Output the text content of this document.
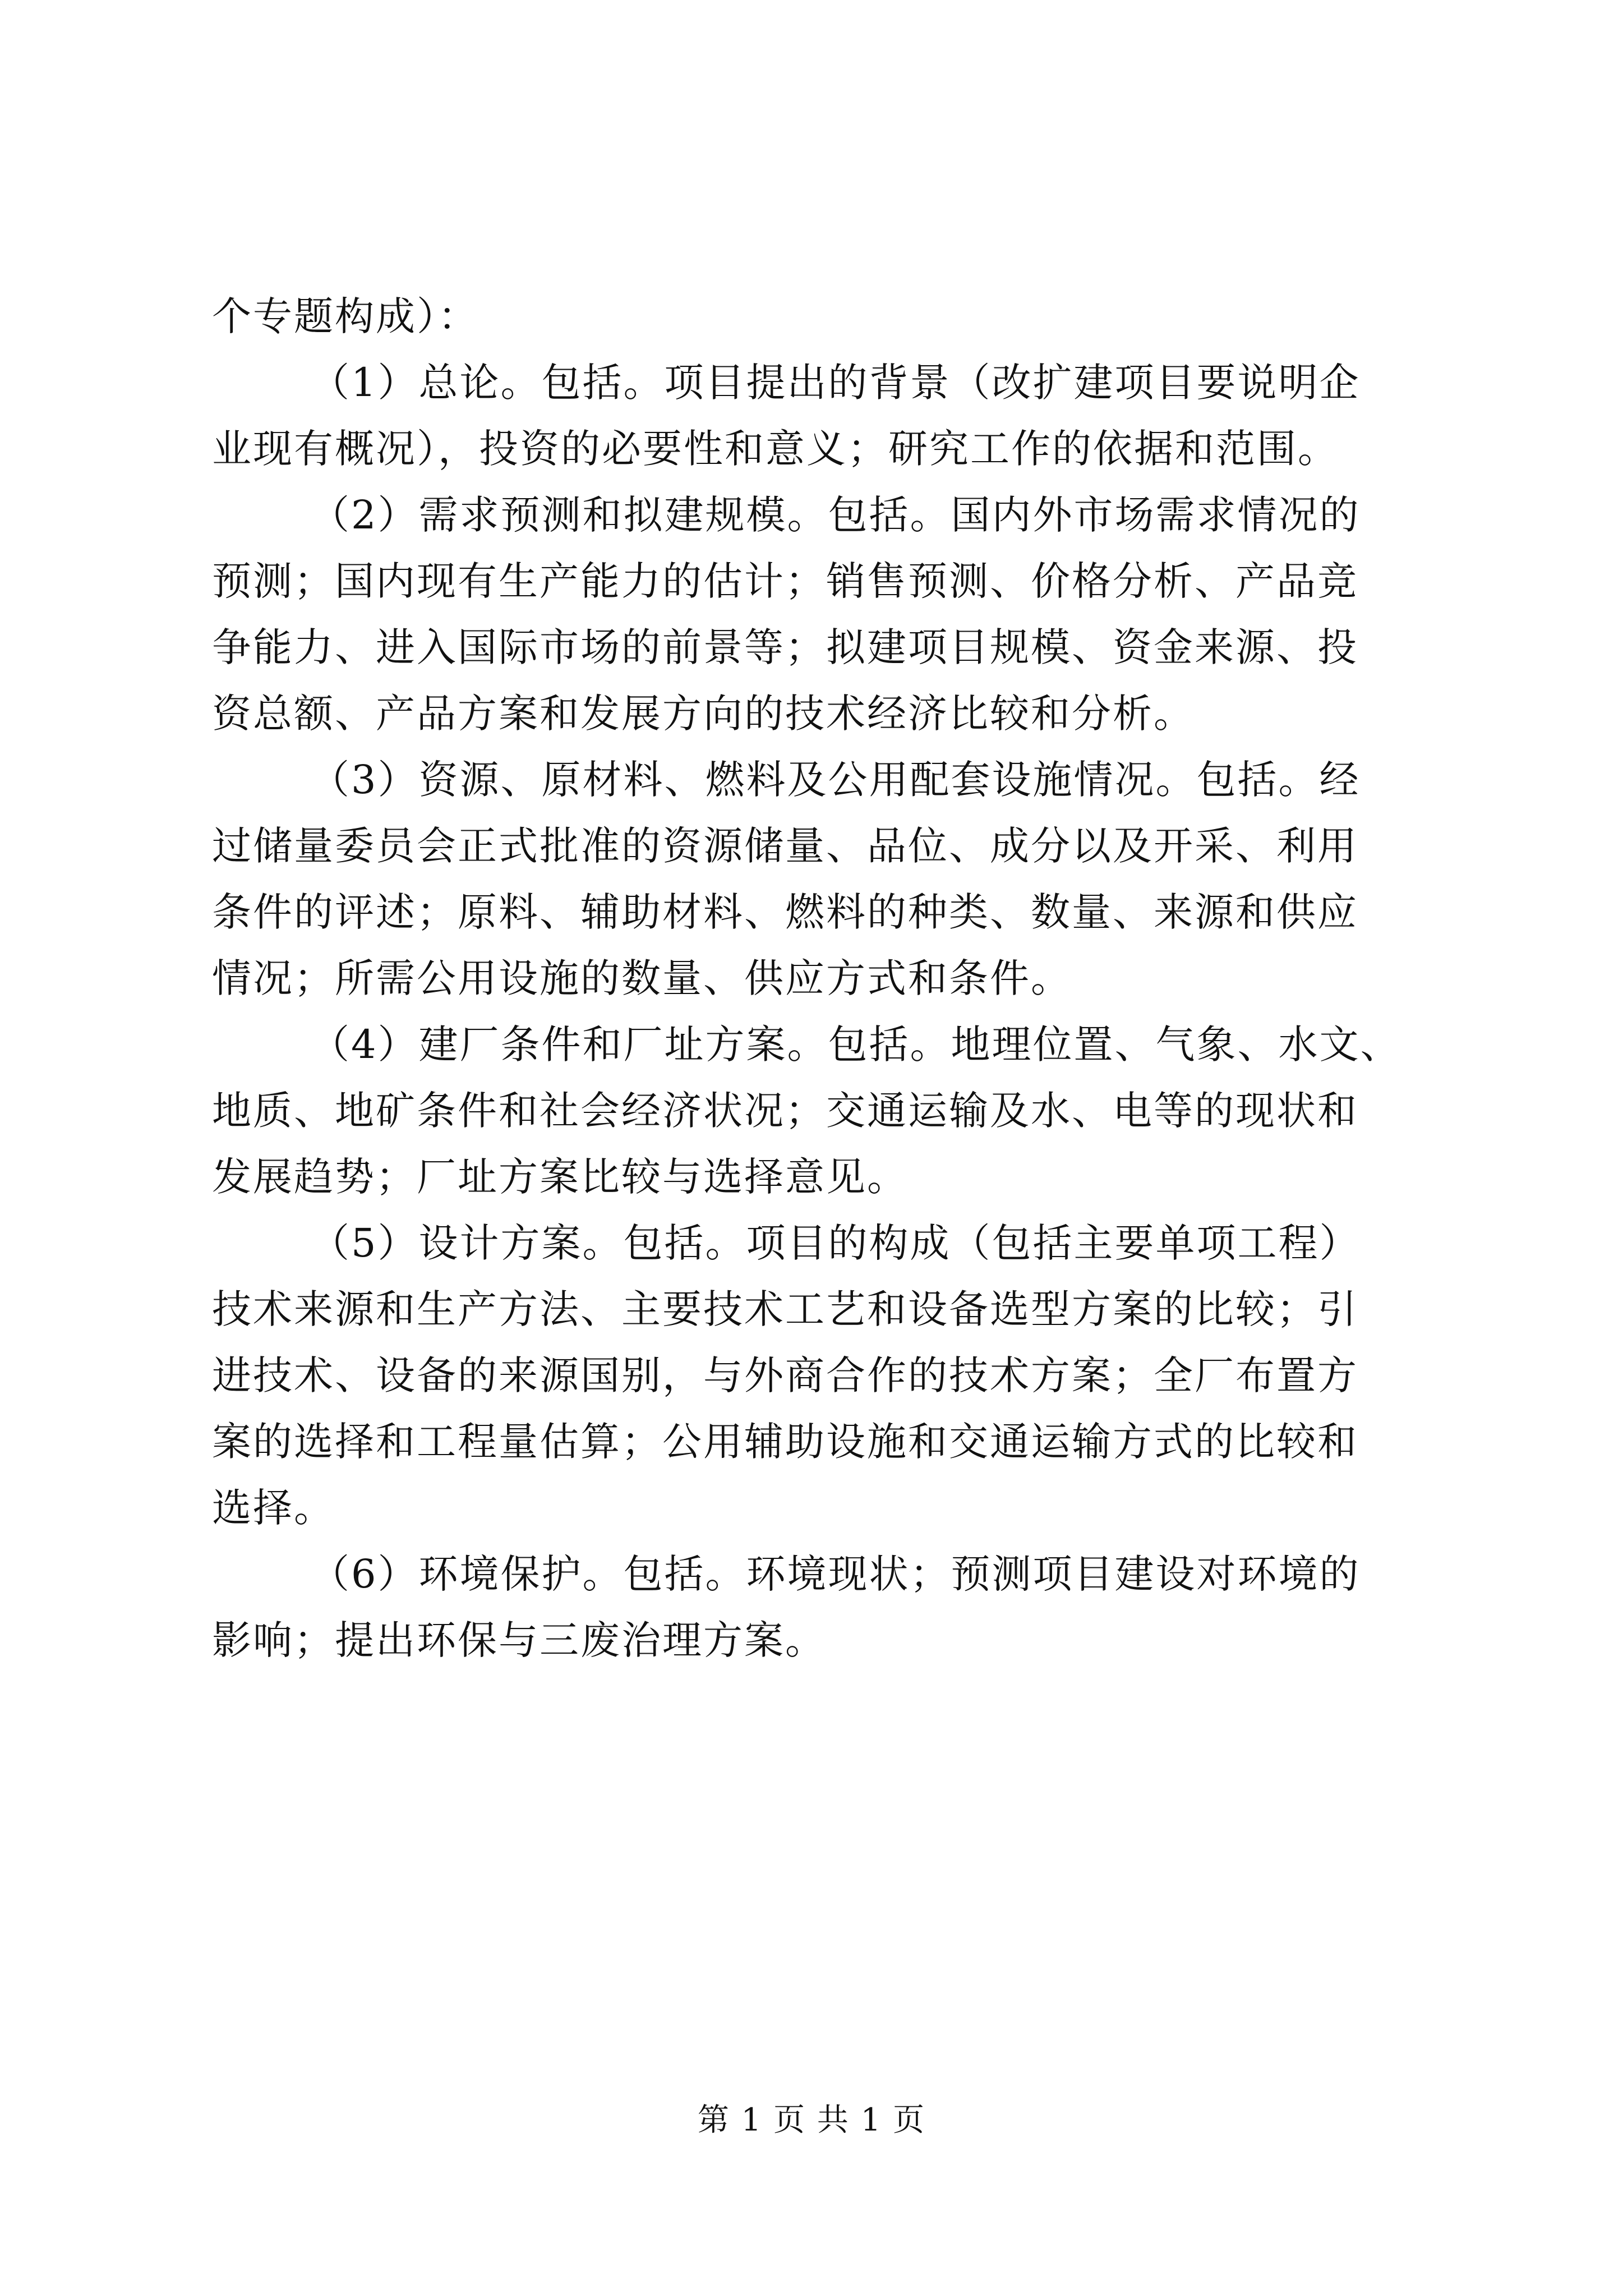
个专题构成）：
（1）总论。包括。项目提出的背景（改扩建项目要说明企
业现有概况），投资的必要性和意义；研究工作的依据和范围。
（2）需求预测和拟建规模。包括。国内外市场需求情况的
预测；国内现有生产能力的估计；销售预测、价格分析、产品竞
争能力、进入国际市场的前景等；拟建项目规模、资金来源、投
资总额、产品方案和发展方向的技术经济比较和分析。
（3）资源、原材料、燃料及公用配套设施情况。包括。经
过储量委员会正式批准的资源储量、品位、成分以及开采、利用
条件的评述；原料、辅助材料、燃料的种类、数量、来源和供应
情况；所需公用设施的数量、供应方式和条件。
（4）建厂条件和厂址方案。包括。地理位置、气象、水文、
地质、地矿条件和社会经济状况；交通运输及水、电等的现状和
发展趋势；厂址方案比较与选择意见。
（5）设计方案。包括。项目的构成（包括主要单项工程）
技术来源和生产方法、主要技术工艺和设备选型方案的比较；引
进技术、设备的来源国别，与外商合作的技术方案；全厂布置方
案的选择和工程量估算；公用辅助设施和交通运输方式的比较和
选择。
（6）环境保护。包括。环境现状；预测项目建设对环境的
影响；提出环保与三废治理方案。
第 1 页 共 1 页
